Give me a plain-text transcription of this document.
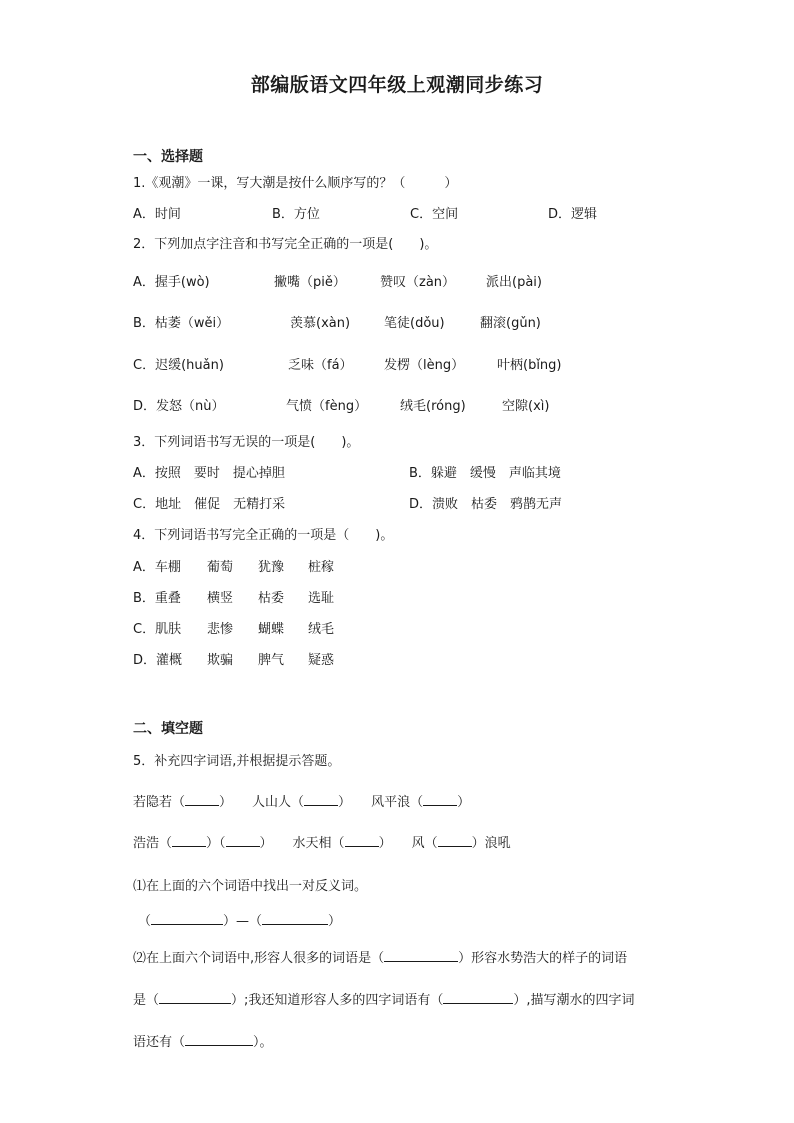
部编版语文四年级上观潮同步练习
一、选择题
1.《观潮》一课，写大潮是按什么顺序写的？（　　　）
A．时间	B．方位	C．空间	D．逻辑
2．下列加点字注音和书写完全正确的一项是(　　)。
A．握手(wò)	撇嘴（piě）	赞叹（zàn） 派出(pài)
B．枯萎（wěi）	羡慕(xàn)	笔徒(dǒu)	翻滚(gǔn)
C．迟缓(huǎn)	乏味（fá） 发楞（lèng）	叶柄(bǐng)
D．发怒（nù）	气愤（fèng）	绒毛(róng)	空隙(xì)
3．下列词语书写无误的一项是(　　)。
A．按照　要时　提心掉胆	B．躲避　缓慢　声临其境
C．地址　催促　无精打采	D．溃败　枯委　鸦鹊无声
4．下列词语书写完全正确的一项是（　　)。
A．车棚 葡萄 犹豫 桩稼
B．重叠 横竖 枯委 选耻
C．肌肤 悲惨 蝴蝶 绒毛
D．灌概 欺骗 脾气 疑惑
二、填空题
5．补充四字词语,并根据提示答题。
若隐若（	） 人山人（	） 风平浪（	）
浩浩（	）（	） 水天相（	） 风（	）浪吼
⑴在上面的六个词语中找出一对反义词。
（	）—（	）
⑵在上面六个词语中,形容人很多的词语是（	）形容水势浩大的样子的词语
是（	）;我还知道形容人多的四字词语有（	）,描写潮水的四字词
语还有（	）。
